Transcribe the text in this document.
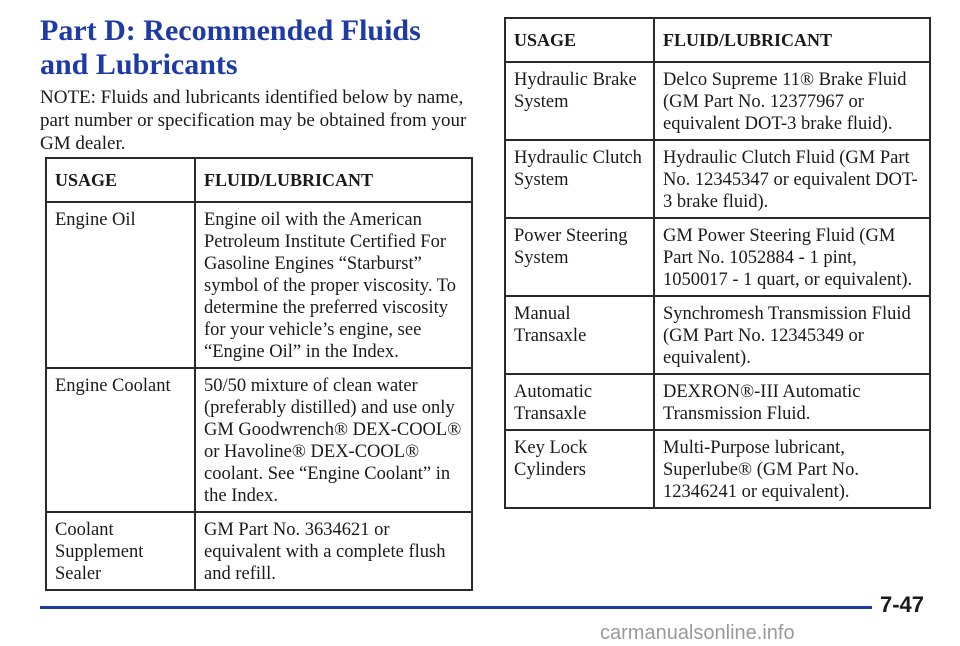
Part D: Recommended Fluids and Lubricants

NOTE: Fluids and lubricants identified below by name, part number or specification may be obtained from your GM dealer.

USAGE	FLUID/LUBRICANT
Engine Oil	Engine oil with the American Petroleum Institute Certified For Gasoline Engines “Starburst” symbol of the proper viscosity. To determine the preferred viscosity for your vehicle’s engine, see “Engine Oil” in the Index.
Engine Coolant	50/50 mixture of clean water (preferably distilled) and use only GM Goodwrench® DEX-COOL® or Havoline® DEX-COOL® coolant. See “Engine Coolant” in the Index.
Coolant
Supplement
Sealer	GM Part No. 3634621 or equivalent with a complete flush and refill.
USAGE	FLUID/LUBRICANT
Hydraulic Brake
System	Delco Supreme 11® Brake Fluid (GM Part No. 12377967 or equivalent DOT-3 brake fluid).
Hydraulic Clutch
System	Hydraulic Clutch Fluid (GM Part No. 12345347 or equivalent DOT-3 brake fluid).
Power Steering
System	GM Power Steering Fluid (GM Part No. 1052884 - 1 pint, 1050017 - 1 quart, or equivalent).
Manual
Transaxle	Synchromesh Transmission Fluid (GM Part No. 12345349 or equivalent).
Automatic
Transaxle	DEXRON®-III Automatic Transmission Fluid.
Key Lock
Cylinders	Multi-Purpose lubricant, Superlube® (GM Part No. 12346241 or equivalent).
7-47
carmanualsonline.info
